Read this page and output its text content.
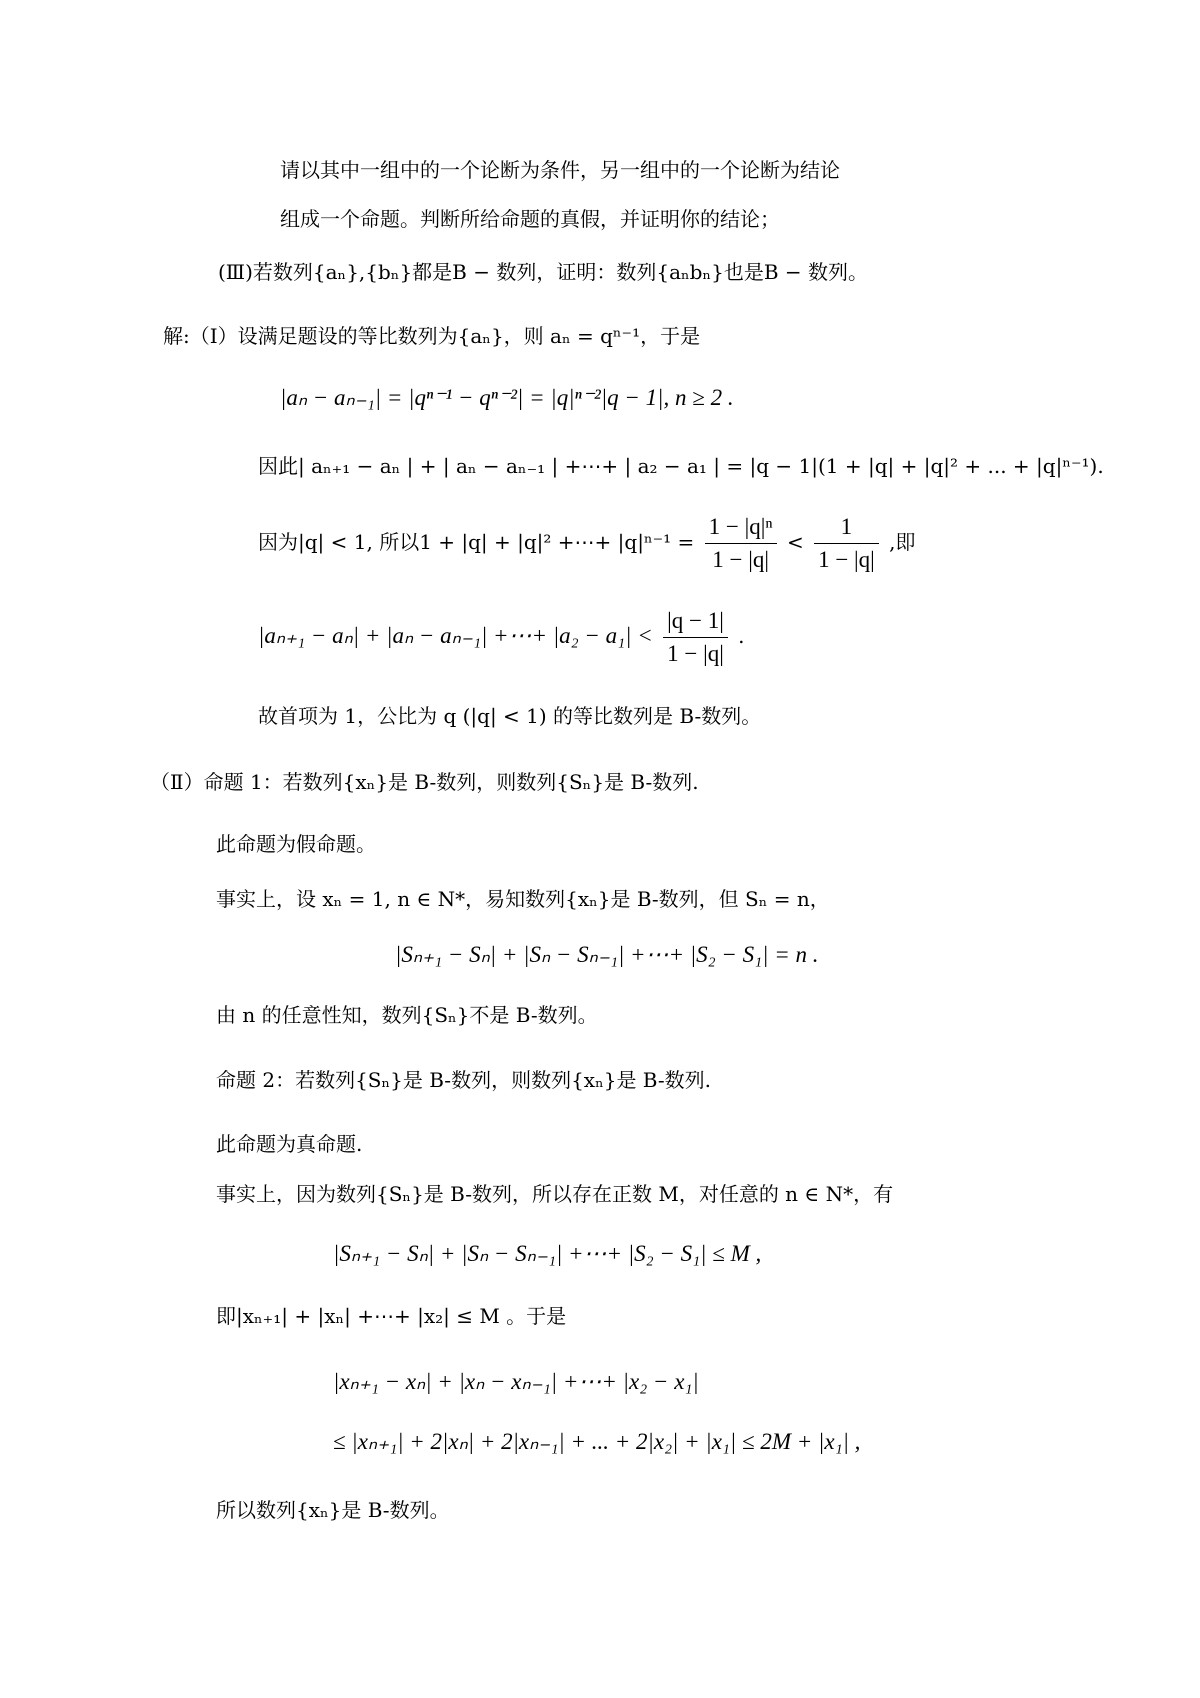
请以其中一组中的一个论断为条件，另一组中的一个论断为结论
组成一个命题。判断所给命题的真假，并证明你的结论；
(Ⅲ)若数列{aₙ},{bₙ}都是B − 数列，证明：数列{aₙbₙ}也是B − 数列。
解:（Ⅰ）设满足题设的等比数列为{aₙ}，则 aₙ = qⁿ⁻¹，于是
|aₙ − aₙ₋₁| = |qⁿ⁻¹ − qⁿ⁻²| = |q|ⁿ⁻²|q − 1|, n ≥ 2 .
因此| aₙ₊₁ − aₙ | + | aₙ − aₙ₋₁ | +⋯+ | a₂ − a₁ | = |q − 1|(1 + |q| + |q|² + ... + |q|ⁿ⁻¹).
因为|q| < 1, 所以1 + |q| + |q|² +⋯+ $|q|^{n-1} = \frac{\text{1 − |q|ⁿ}}{1 - |q|} < \frac{1}{1 - |q|}$ ,即
|aₙ₊₁ − aₙ| + |aₙ − aₙ₋₁| +⋯+ $|a_2 - a_1| < \frac{|q - 1|}{1 - |q|}$ .
故首项为 1，公比为 q (|q| < 1) 的等比数列是 B-数列。
（Ⅱ）命题 1：若数列{xₙ}是 B-数列，则数列{Sₙ}是 B-数列.
此命题为假命题。
事实上，设 xₙ = 1, n ∈ N*，易知数列{xₙ}是 B-数列，但 Sₙ = n，
|Sₙ₊₁ − Sₙ| + |Sₙ − Sₙ₋₁| +⋯+ |S₂ − S₁| = n .
由 n 的任意性知，数列{Sₙ}不是 B-数列。
命题 2：若数列{Sₙ}是 B-数列，则数列{xₙ}是 B-数列.
此命题为真命题.
事实上，因为数列{Sₙ}是 B-数列，所以存在正数 M，对任意的 n ∈ N*，有
|Sₙ₊₁ − Sₙ| + |Sₙ − Sₙ₋₁| +⋯+ |S₂ − S₁| ≤ M ,
即|xₙ₊₁| + |xₙ| +⋯+ |x₂| ≤ M 。于是
|xₙ₊₁ − xₙ| + |xₙ − xₙ₋₁| +⋯+ |x₂ − x₁|
≤ |xₙ₊₁| + 2|xₙ| + 2|xₙ₋₁| + ... + 2|x₂| + |x₁| ≤ 2M + |x₁| ,
所以数列{xₙ}是 B-数列。
